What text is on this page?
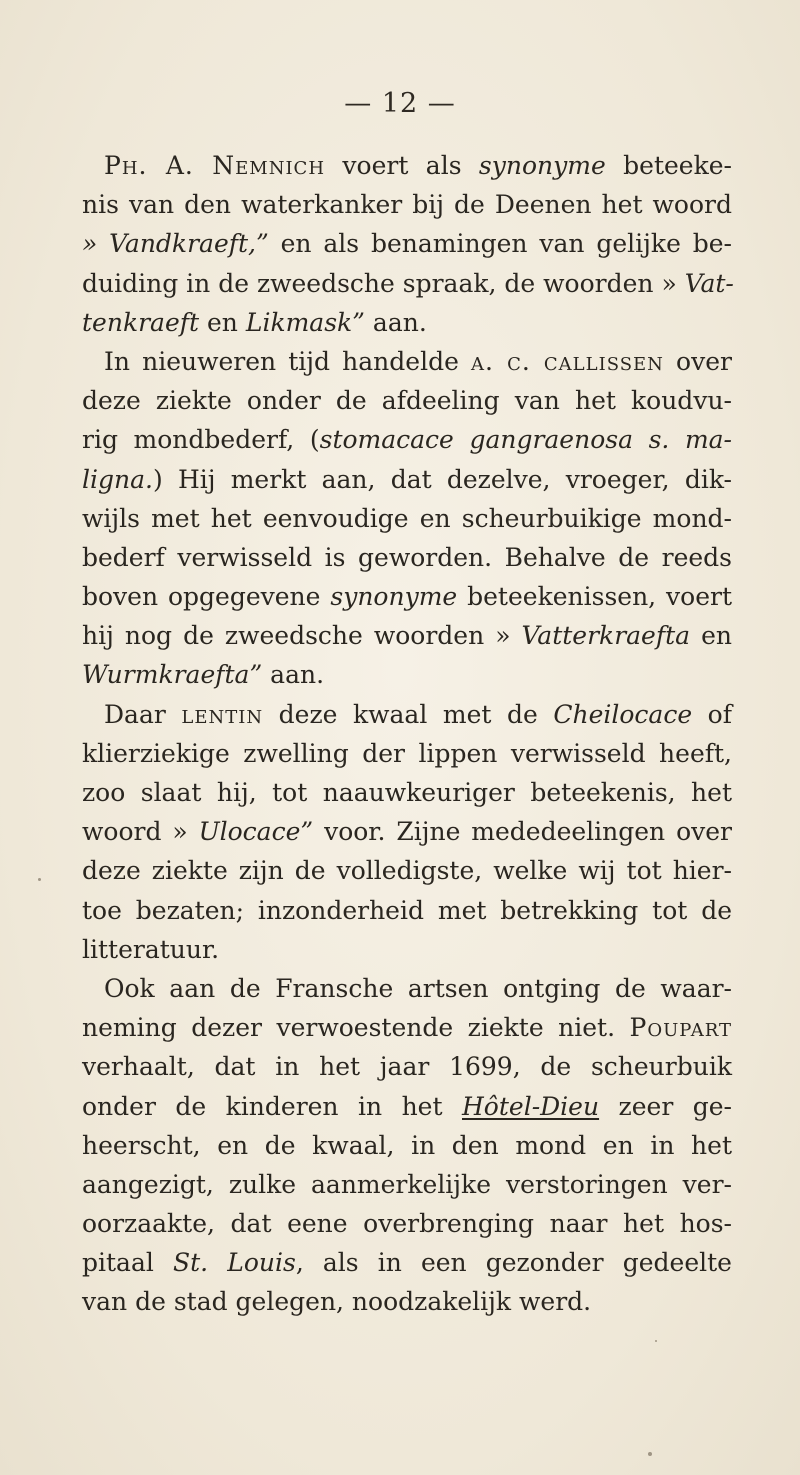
— 12 —
Ph. A. Nemnich voert als synonyme beteeke-
nis van den waterkanker bij de Deenen het woord
» Vandkraeft,” en als benamingen van gelijke be-
duiding in de zweedsche spraak, de woorden » Vat-
tenkraeft en Likmask” aan.
In nieuweren tijd handelde a. c. callissen over
deze ziekte onder de afdeeling van het koudvu-
rig mondbederf, (stomacace gangraenosa s. ma-
ligna.) Hij merkt aan, dat dezelve, vroeger, dik-
wijls met het eenvoudige en scheurbuikige mond-
bederf verwisseld is geworden. Behalve de reeds
boven opgegevene synonyme beteekenissen, voert
hij nog de zweedsche woorden » Vatterkraefta en
Wurmkraefta” aan.
Daar lentin deze kwaal met de Cheilocace of
klierziekige zwelling der lippen verwisseld heeft,
zoo slaat hij, tot naauwkeuriger beteekenis, het
woord » Ulocace” voor. Zijne mededeelingen over
deze ziekte zijn de volledigste, welke wij tot hier-
toe bezaten; inzonderheid met betrekking tot de
litteratuur.
Ook aan de Fransche artsen ontging de waar-
neming dezer verwoestende ziekte niet. Poupart
verhaalt, dat in het jaar 1699, de scheurbuik
onder de kinderen in het Hôtel-Dieu zeer ge-
heerscht, en de kwaal, in den mond en in het
aangezigt, zulke aanmerkelijke verstoringen ver-
oorzaakte, dat eene overbrenging naar het hos-
pitaal St. Louis, als in een gezonder gedeelte
van de stad gelegen, noodzakelijk werd.
